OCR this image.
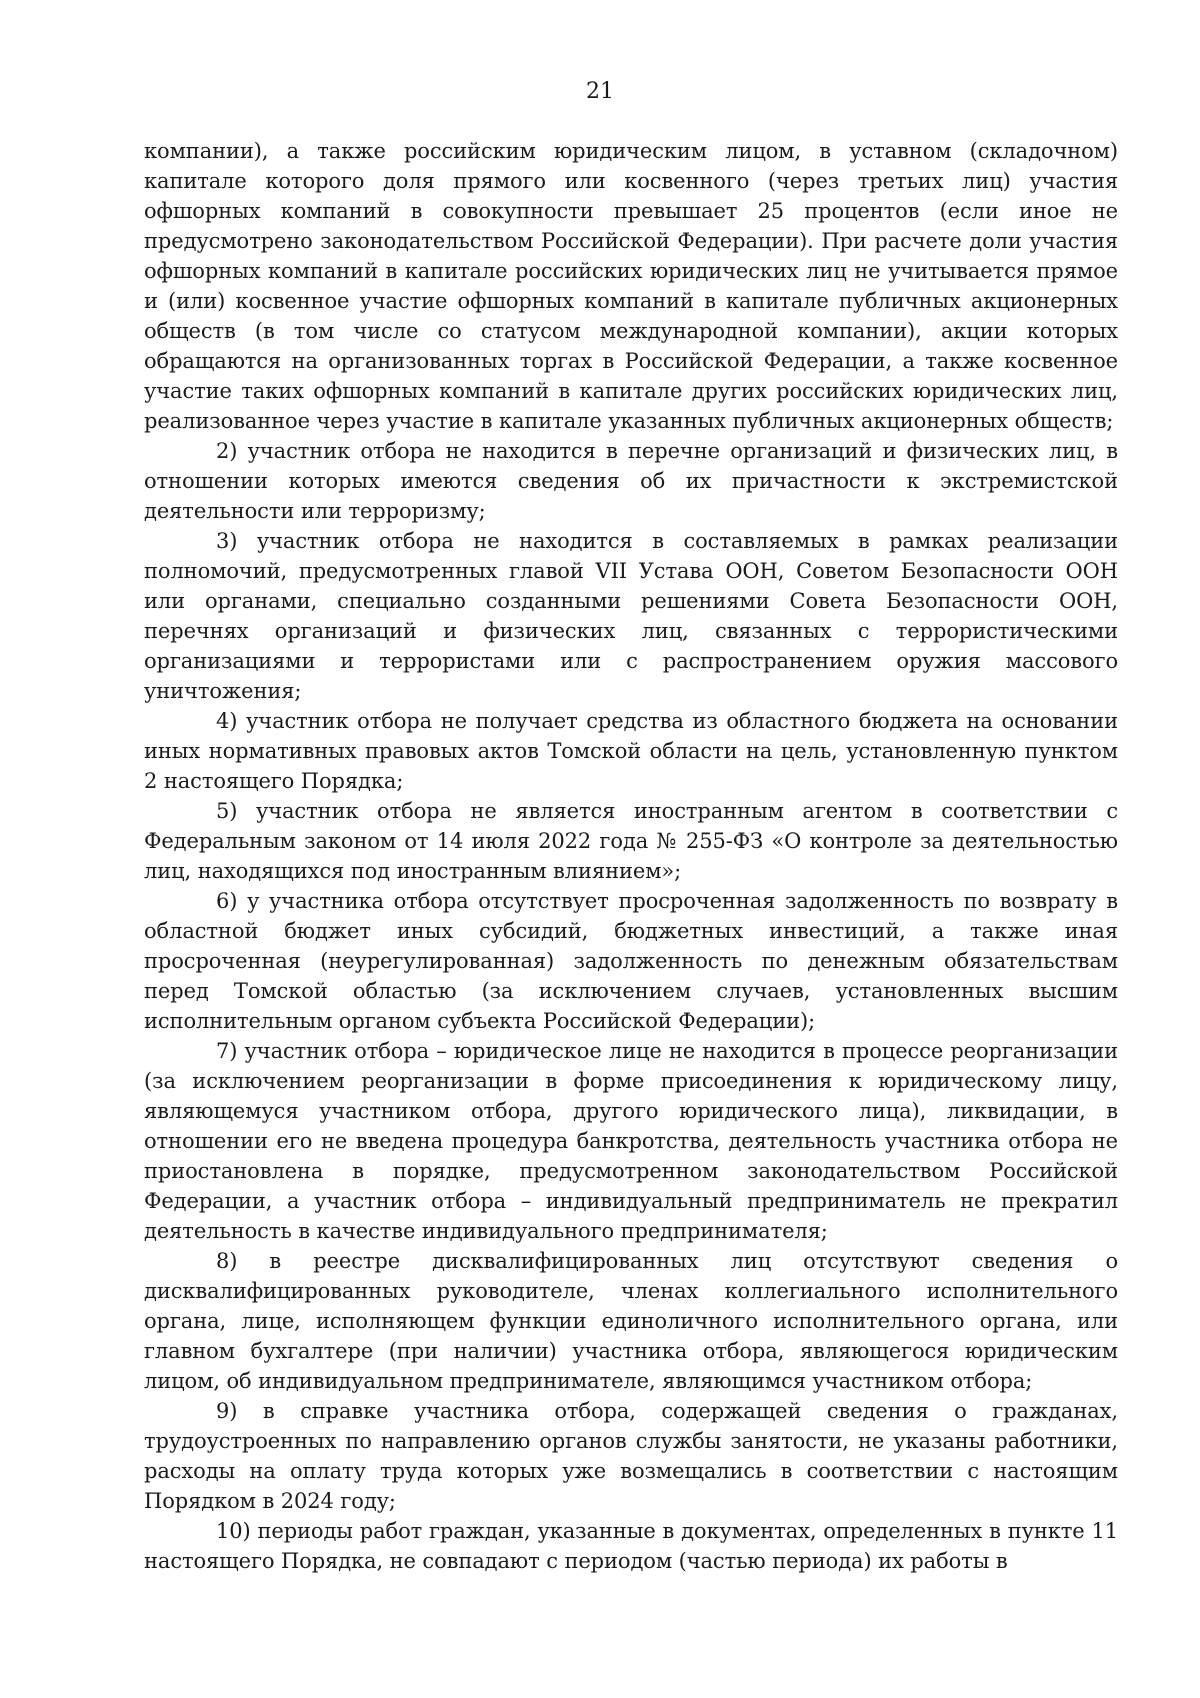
21

компании), а также российским юридическим лицом, в уставном (складочном) капитале которого доля прямого или косвенного (через третьих лиц) участия офшорных компаний в совокупности превышает 25 процентов (если иное не предусмотрено законодательством Российской Федерации). При расчете доли участия офшорных компаний в капитале российских юридических лиц не учитывается прямое и (или) косвенное участие офшорных компаний в капитале публичных акционерных обществ (в том числе со статусом международной компании), акции которых обращаются на организованных торгах в Российской Федерации, а также косвенное участие таких офшорных компаний в капитале других российских юридических лиц, реализованное через участие в капитале указанных публичных акционерных обществ;

2) участник отбора не находится в перечне организаций и физических лиц, в отношении которых имеются сведения об их причастности к экстремистской деятельности или терроризму;

3) участник отбора не находится в составляемых в рамках реализации полномочий, предусмотренных главой VII Устава ООН, Советом Безопасности ООН или органами, специально созданными решениями Совета Безопасности ООН, перечнях организаций и физических лиц, связанных с террористическими организациями и террористами или с распространением оружия массового уничтожения;

4) участник отбора не получает средства из областного бюджета на основании иных нормативных правовых актов Томской области на цель, установленную пунктом 2 настоящего Порядка;

5) участник отбора не является иностранным агентом в соответствии с Федеральным законом от 14 июля 2022 года № 255-ФЗ «О контроле за деятельностью лиц, находящихся под иностранным влиянием»;

6) у участника отбора отсутствует просроченная задолженность по возврату в областной бюджет иных субсидий, бюджетных инвестиций, а также иная просроченная (неурегулированная) задолженность по денежным обязательствам перед Томской областью (за исключением случаев, установленных высшим исполнительным органом субъекта Российской Федерации);

7) участник отбора – юридическое лице не находится в процессе реорганизации (за исключением реорганизации в форме присоединения к юридическому лицу, являющемуся участником отбора, другого юридического лица), ликвидации, в отношении его не введена процедура банкротства, деятельность участника отбора не приостановлена в порядке, предусмотренном законодательством Российской Федерации, а участник отбора – индивидуальный предприниматель не прекратил деятельность в качестве индивидуального предпринимателя;

8) в реестре дисквалифицированных лиц отсутствуют сведения о дисквалифицированных руководителе, членах коллегиального исполнительного органа, лице, исполняющем функции единоличного исполнительного органа, или главном бухгалтере (при наличии) участника отбора, являющегося юридическим лицом, об индивидуальном предпринимателе, являющимся участником отбора;

9) в справке участника отбора, содержащей сведения о гражданах, трудоустроенных по направлению органов службы занятости, не указаны работники, расходы на оплату труда которых уже возмещались в соответствии с настоящим Порядком в 2024 году;

10) периоды работ граждан, указанные в документах, определенных в пункте 11 настоящего Порядка, не совпадают с периодом (частью периода) их работы в
